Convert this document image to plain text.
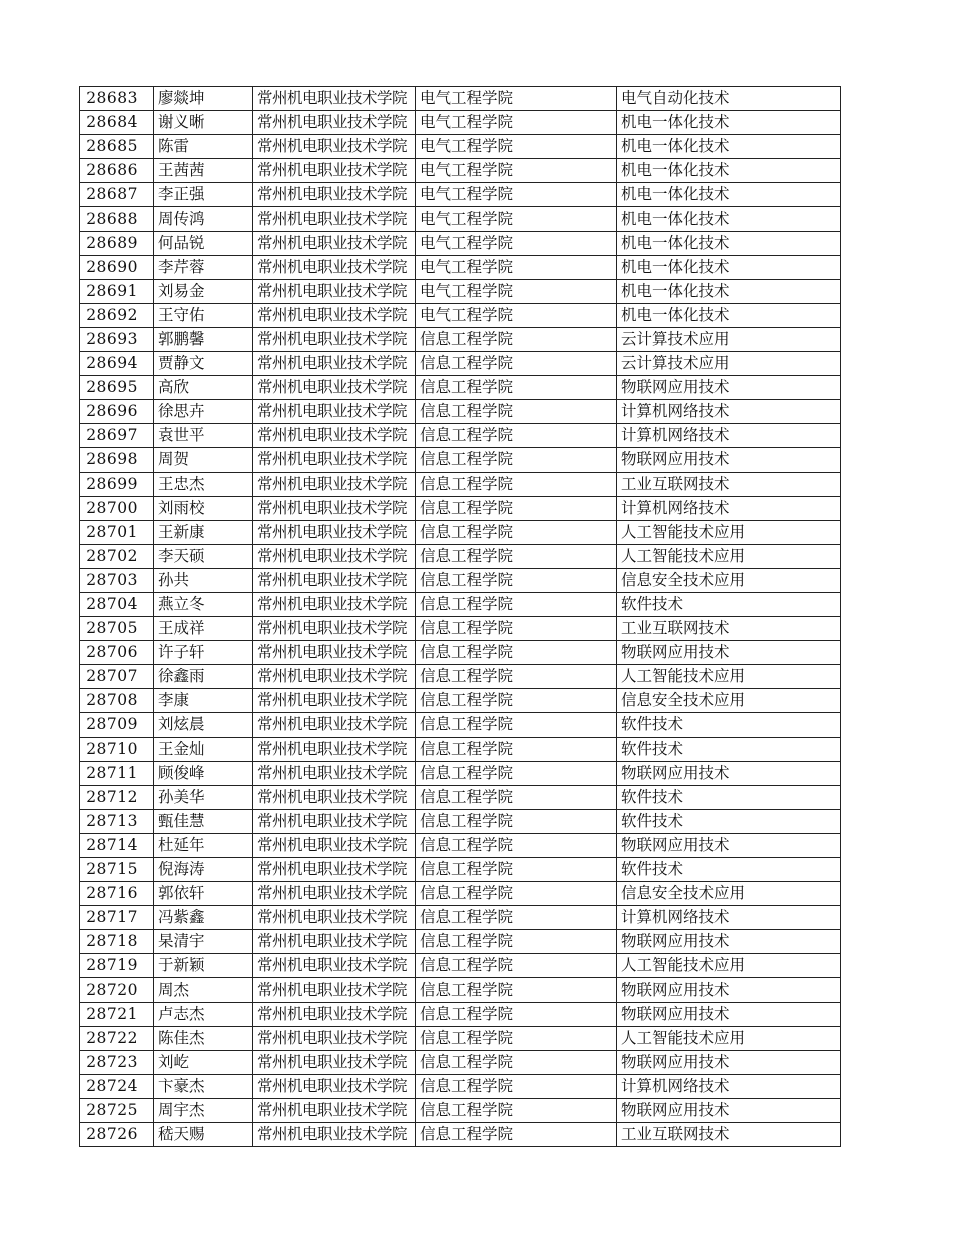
28683	廖燚坤	常州机电职业技术学院	电气工程学院	电气自动化技术
28684	谢义晰	常州机电职业技术学院	电气工程学院	机电一体化技术
28685	陈雷	常州机电职业技术学院	电气工程学院	机电一体化技术
28686	王茜茜	常州机电职业技术学院	电气工程学院	机电一体化技术
28687	李正强	常州机电职业技术学院	电气工程学院	机电一体化技术
28688	周传鸿	常州机电职业技术学院	电气工程学院	机电一体化技术
28689	何品锐	常州机电职业技术学院	电气工程学院	机电一体化技术
28690	李芹蓉	常州机电职业技术学院	电气工程学院	机电一体化技术
28691	刘易金	常州机电职业技术学院	电气工程学院	机电一体化技术
28692	王守佑	常州机电职业技术学院	电气工程学院	机电一体化技术
28693	郭鹏馨	常州机电职业技术学院	信息工程学院	云计算技术应用
28694	贾静文	常州机电职业技术学院	信息工程学院	云计算技术应用
28695	高欣	常州机电职业技术学院	信息工程学院	物联网应用技术
28696	徐思卉	常州机电职业技术学院	信息工程学院	计算机网络技术
28697	袁世平	常州机电职业技术学院	信息工程学院	计算机网络技术
28698	周贺	常州机电职业技术学院	信息工程学院	物联网应用技术
28699	王忠杰	常州机电职业技术学院	信息工程学院	工业互联网技术
28700	刘雨校	常州机电职业技术学院	信息工程学院	计算机网络技术
28701	王新康	常州机电职业技术学院	信息工程学院	人工智能技术应用
28702	李天硕	常州机电职业技术学院	信息工程学院	人工智能技术应用
28703	孙共	常州机电职业技术学院	信息工程学院	信息安全技术应用
28704	燕立冬	常州机电职业技术学院	信息工程学院	软件技术
28705	王成祥	常州机电职业技术学院	信息工程学院	工业互联网技术
28706	许子轩	常州机电职业技术学院	信息工程学院	物联网应用技术
28707	徐鑫雨	常州机电职业技术学院	信息工程学院	人工智能技术应用
28708	李康	常州机电职业技术学院	信息工程学院	信息安全技术应用
28709	刘炫晨	常州机电职业技术学院	信息工程学院	软件技术
28710	王金灿	常州机电职业技术学院	信息工程学院	软件技术
28711	顾俊峰	常州机电职业技术学院	信息工程学院	物联网应用技术
28712	孙美华	常州机电职业技术学院	信息工程学院	软件技术
28713	甄佳慧	常州机电职业技术学院	信息工程学院	软件技术
28714	杜延年	常州机电职业技术学院	信息工程学院	物联网应用技术
28715	倪海涛	常州机电职业技术学院	信息工程学院	软件技术
28716	郭依轩	常州机电职业技术学院	信息工程学院	信息安全技术应用
28717	冯紫鑫	常州机电职业技术学院	信息工程学院	计算机网络技术
28718	杲清宇	常州机电职业技术学院	信息工程学院	物联网应用技术
28719	于新颖	常州机电职业技术学院	信息工程学院	人工智能技术应用
28720	周杰	常州机电职业技术学院	信息工程学院	物联网应用技术
28721	卢志杰	常州机电职业技术学院	信息工程学院	物联网应用技术
28722	陈佳杰	常州机电职业技术学院	信息工程学院	人工智能技术应用
28723	刘屹	常州机电职业技术学院	信息工程学院	物联网应用技术
28724	卞豪杰	常州机电职业技术学院	信息工程学院	计算机网络技术
28725	周宇杰	常州机电职业技术学院	信息工程学院	物联网应用技术
28726	嵇天赐	常州机电职业技术学院	信息工程学院	工业互联网技术
